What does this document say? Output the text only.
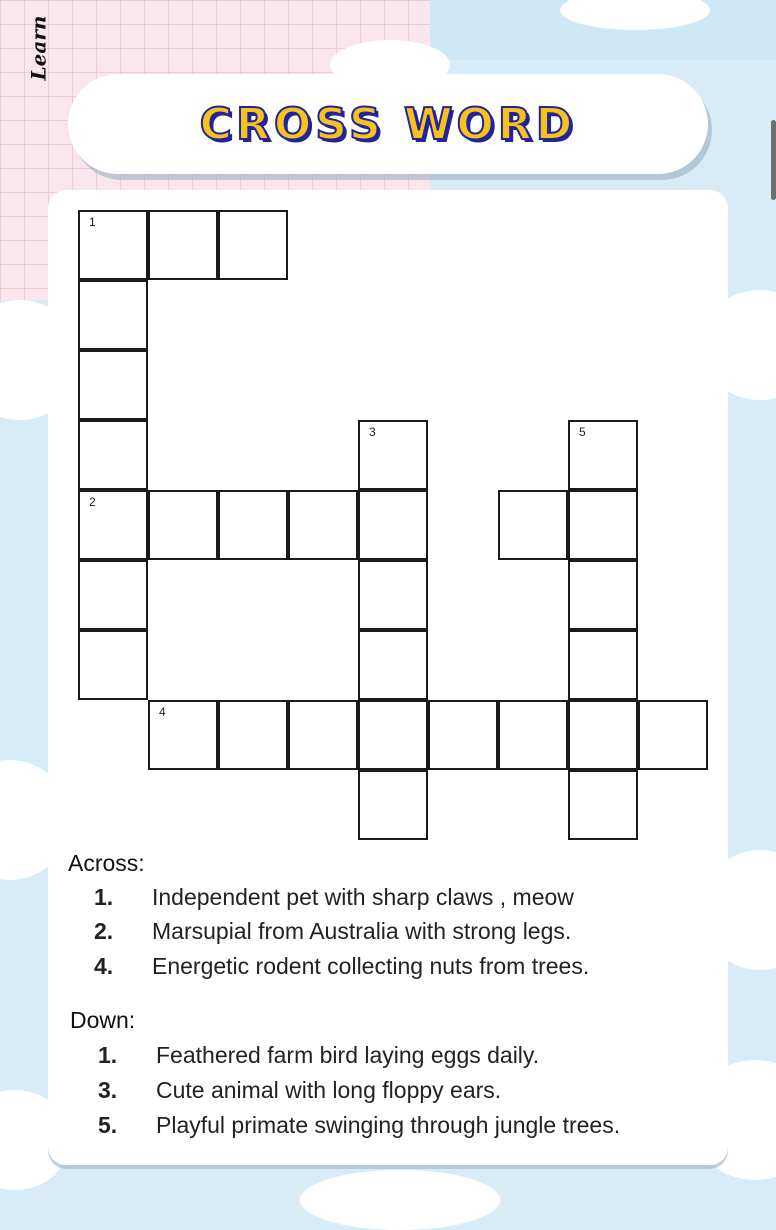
Learn
CROSS WORD
1
2
3	5
4
Across:
1. Independent pet with sharp claws , meow
2. Marsupial from Australia with strong legs.
4. Energetic rodent collecting nuts from trees.
Down:
1. Feathered farm bird laying eggs daily.
3. Cute animal with long floppy ears.
5. Playful primate swinging through jungle trees.
